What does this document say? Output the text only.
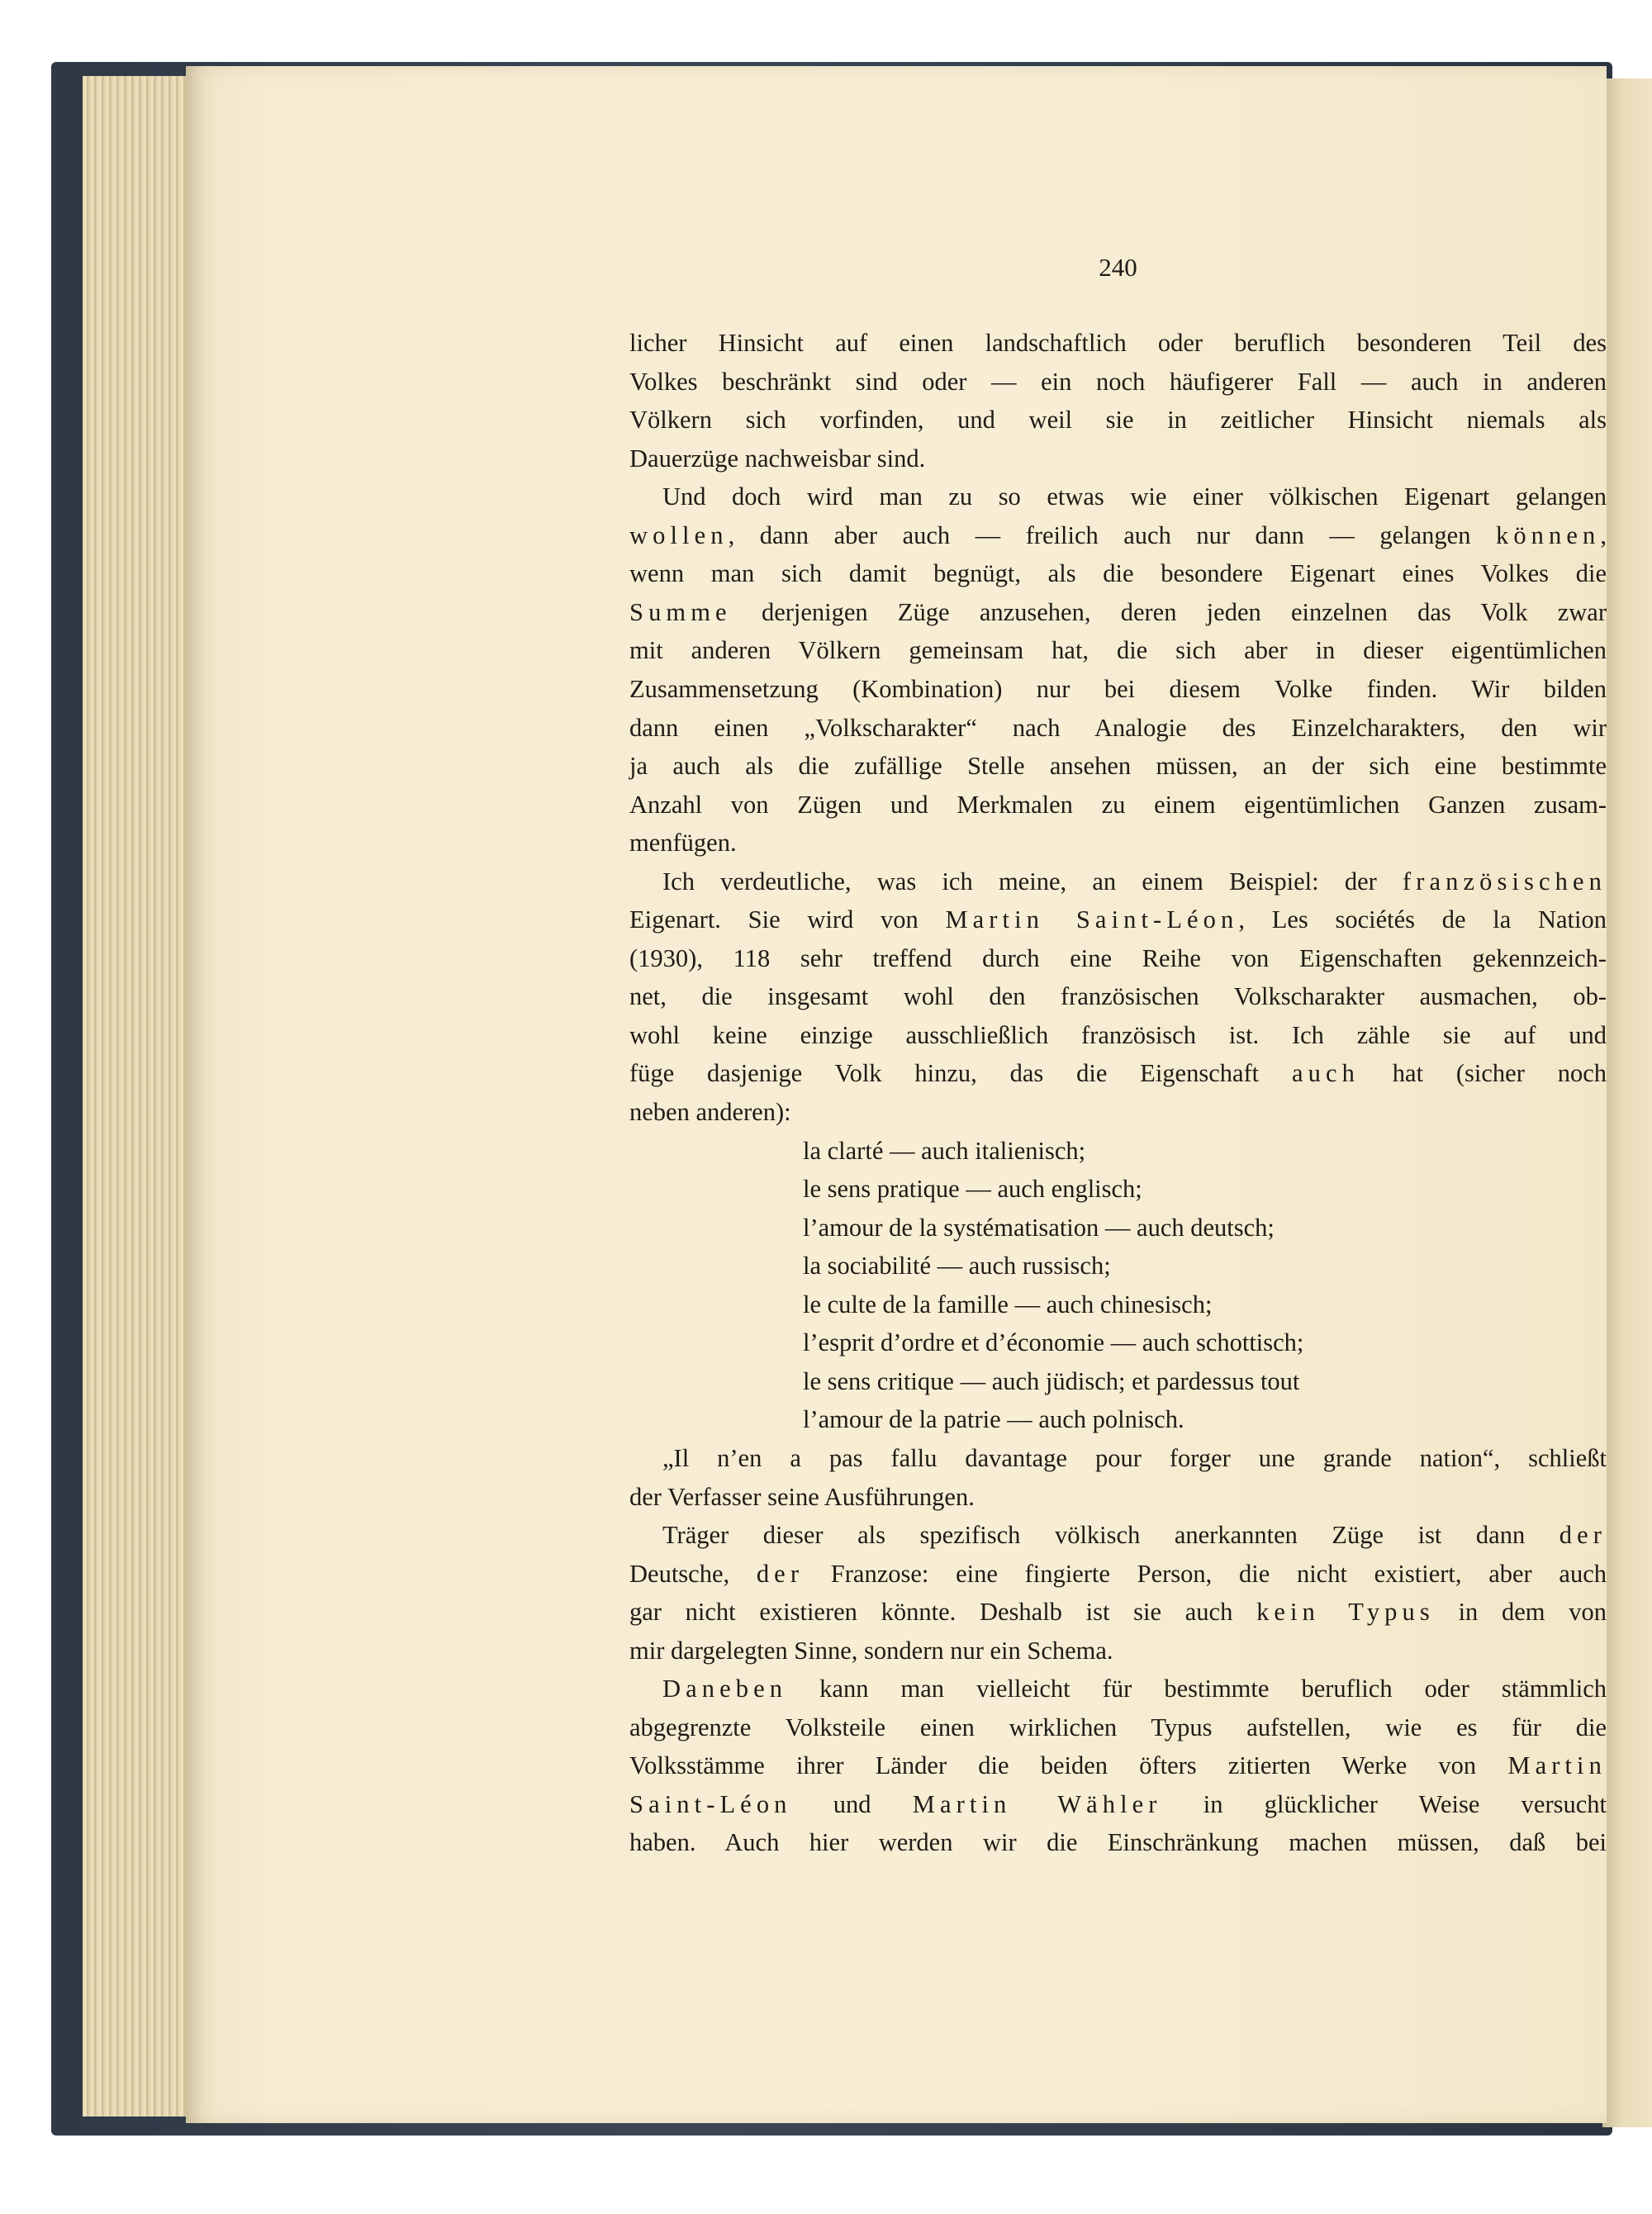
240
licher Hinsicht auf einen landschaftlich oder beruflich besonderen Teil des
Volkes beschränkt sind oder — ein noch häufigerer Fall — auch in anderen
Völkern sich vorfinden, und weil sie in zeitlicher Hinsicht niemals als
Dauerzüge nachweisbar sind.
Und doch wird man zu so etwas wie einer völkischen Eigenart gelangen
wollen, dann aber auch — freilich auch nur dann — gelangen können,
wenn man sich damit begnügt, als die besondere Eigenart eines Volkes die
Summe derjenigen Züge anzusehen, deren jeden einzelnen das Volk zwar
mit anderen Völkern gemeinsam hat, die sich aber in dieser eigentümlichen
Zusammensetzung (Kombination) nur bei diesem Volke finden. Wir bilden
dann einen „Volkscharakter“ nach Analogie des Einzelcharakters, den wir
ja auch als die zufällige Stelle ansehen müssen, an der sich eine bestimmte
Anzahl von Zügen und Merkmalen zu einem eigentümlichen Ganzen zusam-
menfügen.
Ich verdeutliche, was ich meine, an einem Beispiel: der französischen
Eigenart. Sie wird von Martin Saint-Léon, Les sociétés de la Nation
(1930), 118 sehr treffend durch eine Reihe von Eigenschaften gekennzeich-
net, die insgesamt wohl den französischen Volkscharakter ausmachen, ob-
wohl keine einzige ausschließlich französisch ist. Ich zähle sie auf und
füge dasjenige Volk hinzu, das die Eigenschaft auch hat (sicher noch
neben anderen):
la clarté — auch italienisch;
le sens pratique — auch englisch;
l’amour de la systématisation — auch deutsch;
la sociabilité — auch russisch;
le culte de la famille — auch chinesisch;
l’esprit d’ordre et d’économie — auch schottisch;
le sens critique — auch jüdisch; et pardessus tout
l’amour de la patrie — auch polnisch.
„Il n’en a pas fallu davantage pour forger une grande nation“, schließt
der Verfasser seine Ausführungen.
Träger dieser als spezifisch völkisch anerkannten Züge ist dann der
Deutsche, der Franzose: eine fingierte Person, die nicht existiert, aber auch
gar nicht existieren könnte. Deshalb ist sie auch kein Typus in dem von
mir dargelegten Sinne, sondern nur ein Schema.
Daneben kann man vielleicht für bestimmte beruflich oder stämmlich
abgegrenzte Volksteile einen wirklichen Typus aufstellen, wie es für die
Volksstämme ihrer Länder die beiden öfters zitierten Werke von Martin
Saint-Léon und Martin Wähler in glücklicher Weise versucht
haben. Auch hier werden wir die Einschränkung machen müssen, daß bei
